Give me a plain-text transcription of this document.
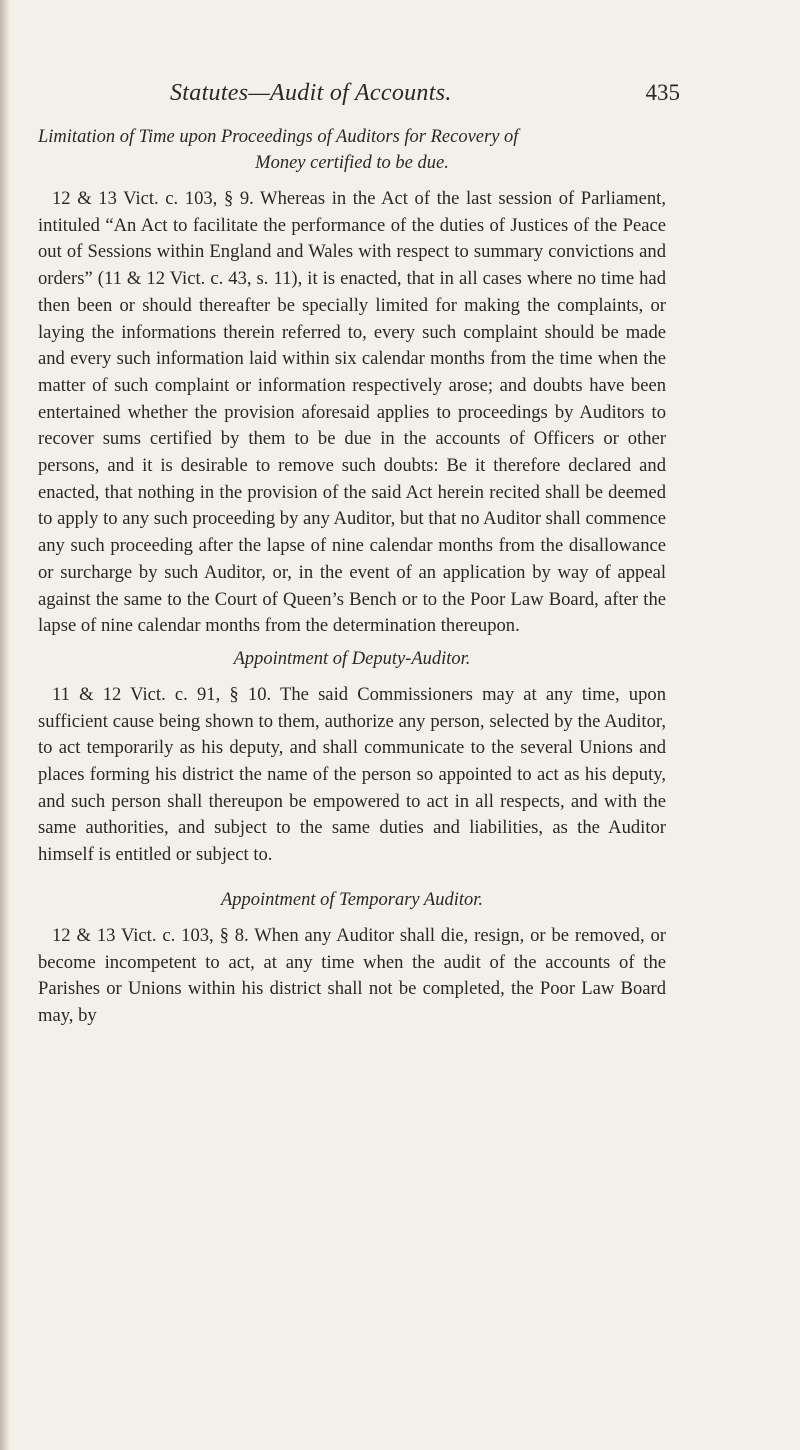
Statutes—Audit of Accounts.	435
Limitation of Time upon Proceedings of Auditors for Recovery of
Money certified to be due.

12 & 13 Vict. c. 103, § 9. Whereas in the Act of the last session of Parliament, intituled “An Act to facilitate the performance of the duties of Justices of the Peace out of Sessions within England and Wales with respect to summary convictions and orders” (11 & 12 Vict. c. 43, s. 11), it is enacted, that in all cases where no time had then been or should thereafter be specially limited for making the complaints, or laying the informations therein referred to, every such complaint should be made and every such information laid within six calendar months from the time when the matter of such complaint or information respectively arose; and doubts have been entertained whether the provision aforesaid applies to proceedings by Auditors to recover sums certified by them to be due in the accounts of Officers or other persons, and it is desirable to remove such doubts: Be it therefore declared and enacted, that nothing in the provision of the said Act herein recited shall be deemed to apply to any such proceeding by any Auditor, but that no Auditor shall commence any such proceeding after the lapse of nine calendar months from the disallowance or surcharge by such Auditor, or, in the event of an application by way of appeal against the same to the Court of Queen’s Bench or to the Poor Law Board, after the lapse of nine calendar months from the determination thereupon.

Appointment of Deputy-Auditor.

11 & 12 Vict. c. 91, § 10. The said Commissioners may at any time, upon sufficient cause being shown to them, authorize any person, selected by the Auditor, to act temporarily as his deputy, and shall communicate to the several Unions and places forming his district the name of the person so appointed to act as his deputy, and such person shall thereupon be empowered to act in all respects, and with the same authorities, and subject to the same duties and liabilities, as the Auditor himself is entitled or subject to.

Appointment of Temporary Auditor.

12 & 13 Vict. c. 103, § 8. When any Auditor shall die, resign, or be removed, or become incompetent to act, at any time when the audit of the accounts of the Parishes or Unions within his district shall not be completed, the Poor Law Board may, by
